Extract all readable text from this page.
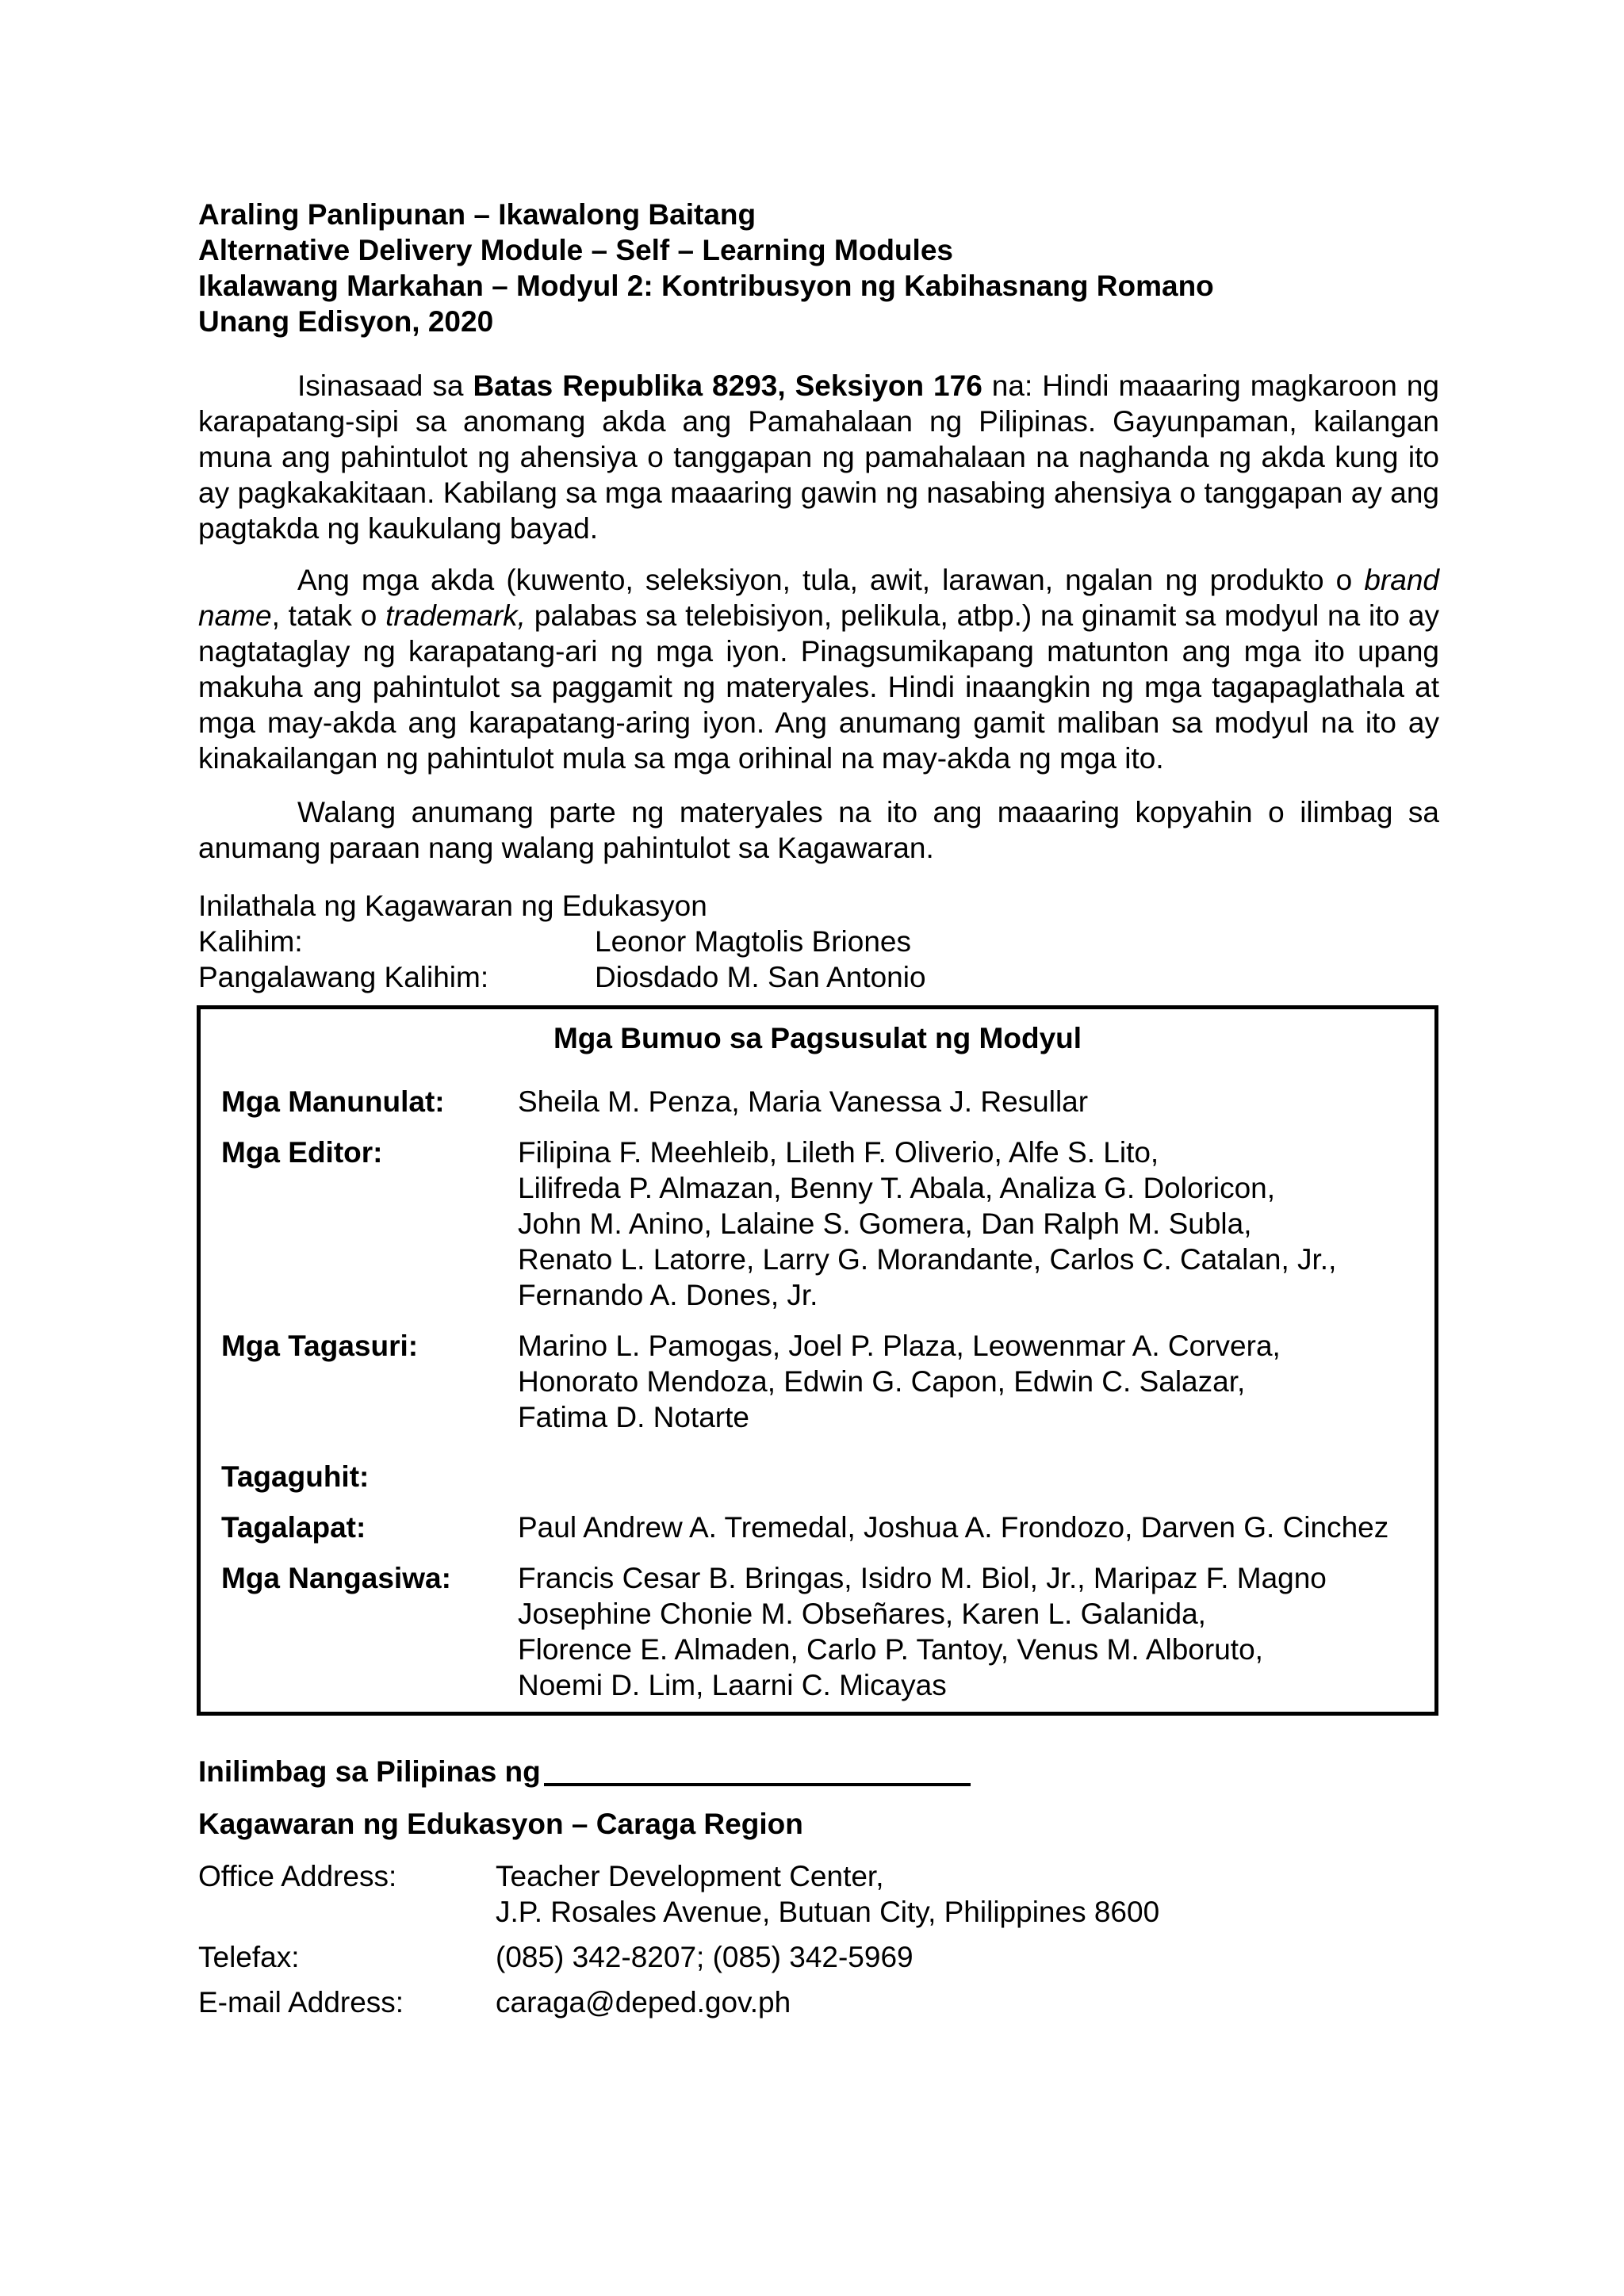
Araling Panlipunan – Ikawalong Baitang
Alternative Delivery Module – Self – Learning Modules
Ikalawang Markahan – Modyul 2: Kontribusyon ng Kabihasnang Romano
Unang Edisyon, 2020

Isinasaad sa Batas Republika 8293, Seksiyon 176 na: Hindi maaaring magkaroon ng karapatang-sipi sa anomang akda ang Pamahalaan ng Pilipinas. Gayunpaman, kailangan muna ang pahintulot ng ahensiya o tanggapan ng pamahalaan na naghanda ng akda kung ito ay pagkakakitaan. Kabilang sa mga maaaring gawin ng nasabing ahensiya o tanggapan ay ang pagtakda ng kaukulang bayad.

Ang mga akda (kuwento, seleksiyon, tula, awit, larawan, ngalan ng produkto o brand name, tatak o trademark, palabas sa telebisiyon, pelikula, atbp.) na ginamit sa modyul na ito ay nagtataglay ng karapatang-ari ng mga iyon. Pinagsumikapang matunton ang mga ito upang makuha ang pahintulot sa paggamit ng materyales. Hindi inaangkin ng mga tagapaglathala at mga may-akda ang karapatang-aring iyon. Ang anumang gamit maliban sa modyul na ito ay kinakailangan ng pahintulot mula sa mga orihinal na may-akda ng mga ito.

Walang anumang parte ng materyales na ito ang maaaring kopyahin o ilimbag sa anumang paraan nang walang pahintulot sa Kagawaran.

Inilathala ng Kagawaran ng Edukasyon
Kalihim:	Leonor Magtolis Briones
Pangalawang Kalihim:	Diosdado M. San Antonio
Mga Bumuo sa Pagsusulat ng Modyul
Mga Manunulat:	Sheila M. Penza, Maria Vanessa J. Resullar
Mga Editor:	Filipina F. Meehleib, Lileth F. Oliverio, Alfe S. Lito,
Lilifreda P. Almazan, Benny T. Abala, Analiza G. Doloricon,
John M. Anino, Lalaine S. Gomera, Dan Ralph M. Subla,
Renato L. Latorre, Larry G. Morandante, Carlos C. Catalan, Jr.,
Fernando A. Dones, Jr.
Mga Tagasuri:	Marino L. Pamogas, Joel P. Plaza, Leowenmar A. Corvera,
Honorato Mendoza, Edwin G. Capon, Edwin C. Salazar,
Fatima D. Notarte
Tagaguhit:
Tagalapat:	Paul Andrew A. Tremedal, Joshua A. Frondozo, Darven G. Cinchez
Mga Nangasiwa:	Francis Cesar B. Bringas, Isidro M. Biol, Jr., Maripaz F. Magno
Josephine Chonie M. Obseñares, Karen L. Galanida,
Florence E. Almaden, Carlo P. Tantoy, Venus M. Alboruto,
Noemi D. Lim, Laarni C. Micayas
Inilimbag sa Pilipinas ng
Kagawaran ng Edukasyon – Caraga Region
Office Address:	Teacher Development Center,
J.P. Rosales Avenue, Butuan City, Philippines 8600
Telefax:	(085) 342-8207; (085) 342-5969
E-mail Address:	caraga@deped.gov.ph
